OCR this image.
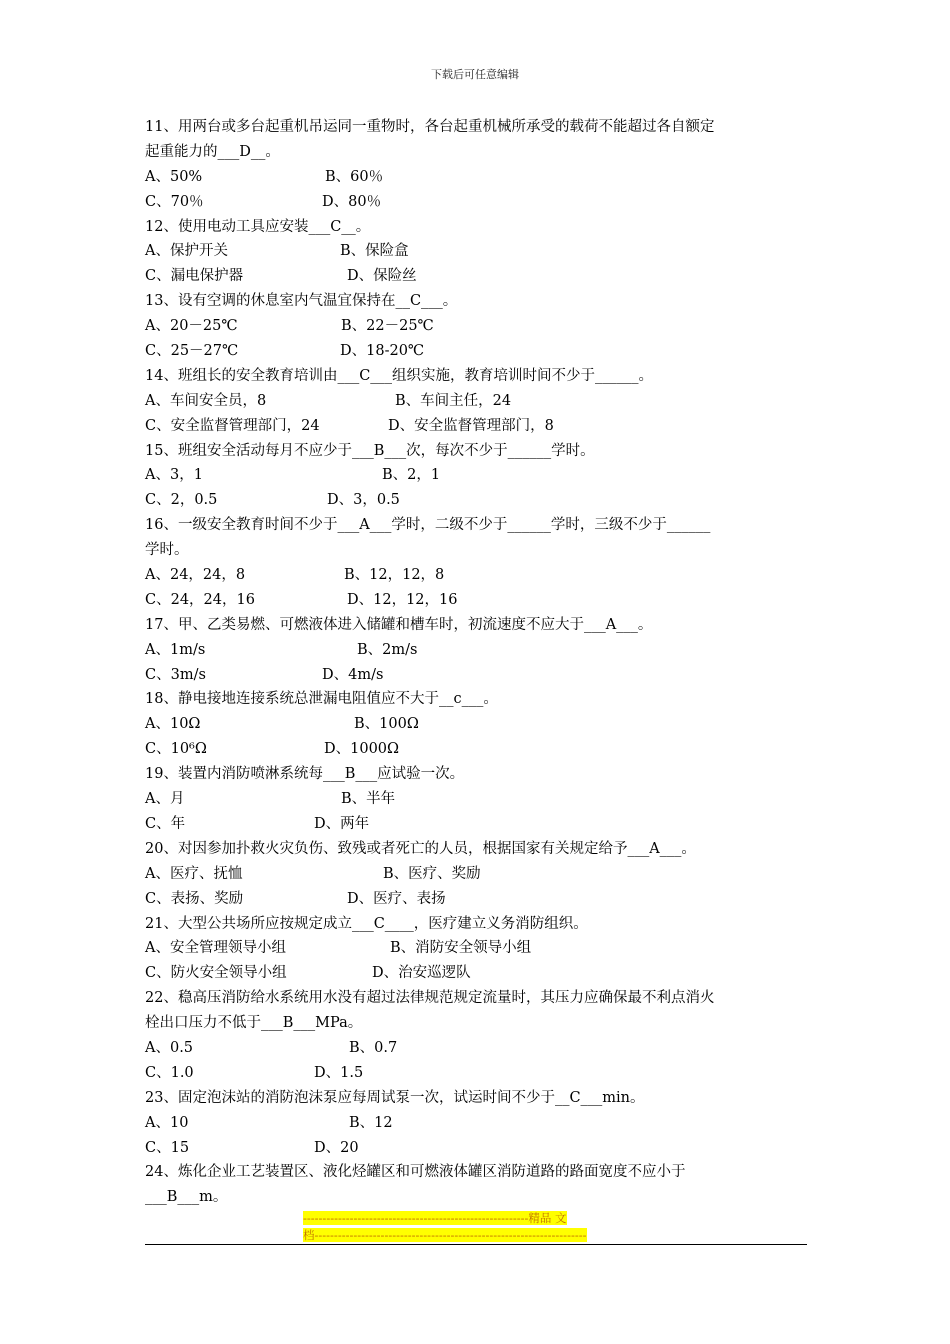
下载后可任意编辑
11、用两台或多台起重机吊运同一重物时，各台起重机械所承受的载荷不能超过各自额定
起重能力的___D__。
A、50%	B、60％
C、70％	D、80％
12、使用电动工具应安装___C__。
A、保护开关	B、保险盒
C、漏电保护器	D、保险丝
13、设有空调的休息室内气温宜保持在__C___。
A、20－25℃	B、22－25℃
C、25－27℃	D、18-20℃
14、班组长的安全教育培训由___C___组织实施，教育培训时间不少于______。
A、车间安全员，8	B、车间主任，24
C、安全监督管理部门，24	D、安全监督管理部门，8
15、班组安全活动每月不应少于___B___次，每次不少于______学时。
A、3，1	B、2，1
C、2，0.5	D、3，0.5
16、一级安全教育时间不少于___A___学时，二级不少于______学时，三级不少于______
学时。
A、24，24，8	B、12，12，8
C、24，24，16	D、12，12，16
17、甲、乙类易燃、可燃液体进入储罐和槽车时，初流速度不应大于___A___。
A、1m/s	B、2m/s
C、3m/s	D、4m/s
18、静电接地连接系统总泄漏电阻值应不大于__c___。
A、10Ω	B、100Ω
C、10⁶Ω	D、1000Ω
19、装置内消防喷淋系统每___B___应试验一次。
A、月	B、半年
C、年	D、两年
20、对因参加扑救火灾负伤、致残或者死亡的人员，根据国家有关规定给予___A___。
A、医疗、抚恤	B、医疗、奖励
C、表扬、奖励	D、医疗、表扬
21、大型公共场所应按规定成立___C____，医疗建立义务消防组织。
A、安全管理领导小组	B、消防安全领导小组
C、防火安全领导小组	D、治安巡逻队
22、稳高压消防给水系统用水没有超过法律规范规定流量时，其压力应确保最不利点消火
栓出口压力不低于___B___MPa。
A、0.5	B、0.7
C、1.0	D、1.5
23、固定泡沫站的消防泡沫泵应每周试泵一次，试运时间不少于__C___min。
A、10	B、12
C、15	D、20
24、炼化企业工艺装置区、液化烃罐区和可燃液体罐区消防道路的路面宽度不应小于
___B___m。
----------------------------------------------------------精品 文
档----------------------------------------------------------------------
